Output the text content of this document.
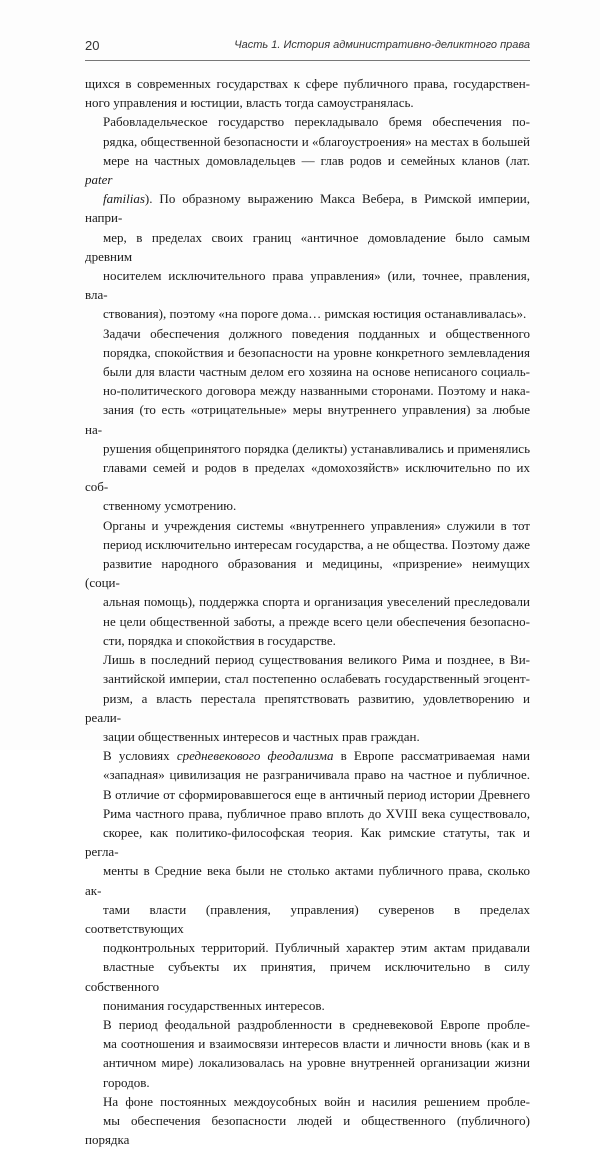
20	Часть 1. История административно-деликтного права

щихся в современных государствах к сфере публичного права, государствен-
ного управления и юстиции, власть тогда самоустранялась.

Рабовладельческое государство перекладывало бремя обеспечения по-
рядка, общественной безопасности и «благоустроения» на местах в большей
мере на частных домовладельцев — глав родов и семейных кланов (лат. pater
familias). По образному выражению Макса Вебера, в Римской империи, напри-
мер, в пределах своих границ «античное домовладение было самым древним
носителем исключительного права управления» (или, точнее, правления, вла-
ствования), поэтому «на пороге дома… римская юстиция останавливалась».

Задачи обеспечения должного поведения подданных и общественного
порядка, спокойствия и безопасности на уровне конкретного землевладения
были для власти частным делом его хозяина на основе неписаного социаль-
но-политического договора между названными сторонами. Поэтому и нака-
зания (то есть «отрицательные» меры внутреннего управления) за любые на-
рушения общепринятого порядка (деликты) устанавливались и применялись
главами семей и родов в пределах «домохозяйств» исключительно по их соб-
ственному усмотрению.

Органы и учреждения системы «внутреннего управления» служили в тот
период исключительно интересам государства, а не общества. Поэтому даже
развитие народного образования и медицины, «призрение» неимущих (соци-
альная помощь), поддержка спорта и организация увеселений преследовали
не цели общественной заботы, а прежде всего цели обеспечения безопасно-
сти, порядка и спокойствия в государстве.

Лишь в последний период существования великого Рима и позднее, в Ви-
зантийской империи, стал постепенно ослабевать государственный эгоцент-
ризм, а власть перестала препятствовать развитию, удовлетворению и реали-
зации общественных интересов и частных прав граждан.

В условиях средневекового феодализма в Европе рассматриваемая нами
«западная» цивилизация не разграничивала право на частное и публичное.
В отличие от сформировавшегося еще в античный период истории Древнего
Рима частного права, публичное право вплоть до XVIII века существовало,
скорее, как политико-философская теория. Как римские статуты, так и регла-
менты в Средние века были не столько актами публичного права, сколько ак-
тами власти (правления, управления) суверенов в пределах соответствующих
подконтрольных территорий. Публичный характер этим актам придавали
властные субъекты их принятия, причем исключительно в силу собственного
понимания государственных интересов.

В период феодальной раздробленности в средневековой Европе пробле-
ма соотношения и взаимосвязи интересов власти и личности вновь (как и в
античном мире) локализовалась на уровне внутренней организации жизни
городов.

На фоне постоянных междоусобных войн и насилия решением пробле-
мы обеспечения безопасности людей и общественного (публичного) порядка
